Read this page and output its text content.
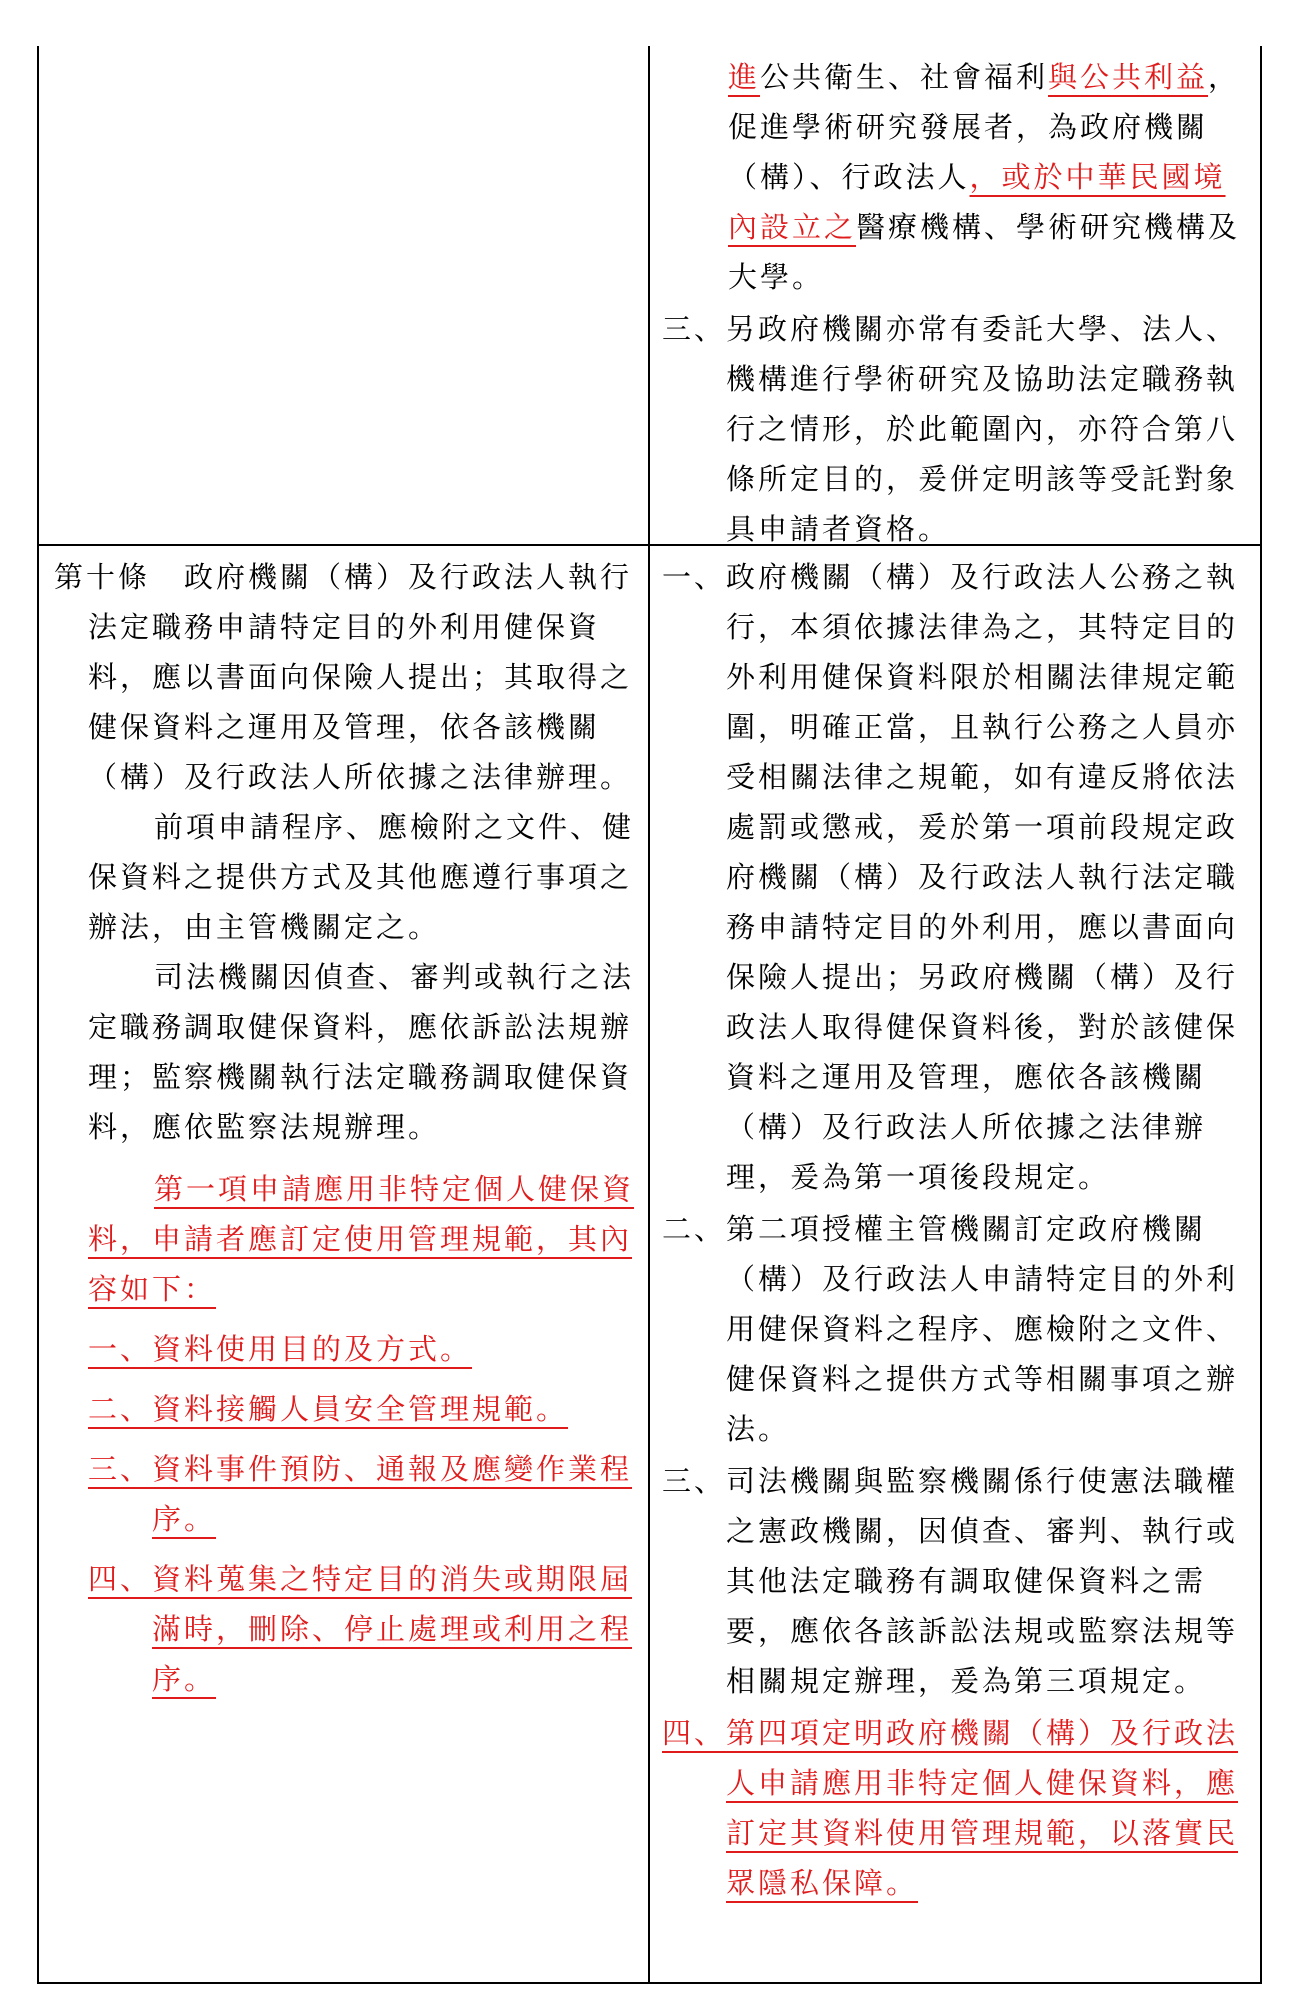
進公共衛生、社會福利與公共利益，
促進學術研究發展者，為政府機關
（構）、行政法人，或於中華民國境
內設立之醫療機構、學術研究機構及
大學。
三、 另政府機關亦常有委託大學、法人、機構進行學術研究及協助法定職務執行之情形，於此範圍內，亦符合第八條所定目的，爰併定明該等受託對象具申請者資格。

第十條 政府機關（構）及行政法人執行法定職務申請特定目的外利用健保資料，應以書面向保險人提出；其取得之健保資料之運用及管理，依各該機關（構）及行政法人所依據之法律辦理。

前項申請程序、應檢附之文件、健保資料之提供方式及其他應遵行事項之辦法，由主管機關定之。

司法機關因偵查、審判或執行之法定職務調取健保資料，應依訴訟法規辦理；監察機關執行法定職務調取健保資料，應依監察法規辦理。

第一項申請應用非特定個人健保資料，申請者應訂定使用管理規範，其內容如下：

一、 資料使用目的及方式。
二、 資料接觸人員安全管理規範。
三、 資料事件預防、通報及應變作業程序。
四、 資料蒐集之特定目的消失或期限屆滿時，刪除、停止處理或利用之程序。
一、 政府機關（構）及行政法人公務之執行，本須依據法律為之，其特定目的外利用健保資料限於相關法律規定範圍，明確正當，且執行公務之人員亦受相關法律之規範，如有違反將依法處罰或懲戒，爰於第一項前段規定政府機關（構）及行政法人執行法定職務申請特定目的外利用，應以書面向保險人提出；另政府機關（構）及行政法人取得健保資料後，對於該健保資料之運用及管理，應依各該機關（構）及行政法人所依據之法律辦理，爰為第一項後段規定。
二、 第二項授權主管機關訂定政府機關（構）及行政法人申請特定目的外利用健保資料之程序、應檢附之文件、健保資料之提供方式等相關事項之辦法。
三、 司法機關與監察機關係行使憲法職權之憲政機關，因偵查、審判、執行或其他法定職務有調取健保資料之需要，應依各該訴訟法規或監察法規等相關規定辦理，爰為第三項規定。
四、 第四項定明政府機關（構）及行政法人申請應用非特定個人健保資料，應訂定其資料使用管理規範，以落實民眾隱私保障。
